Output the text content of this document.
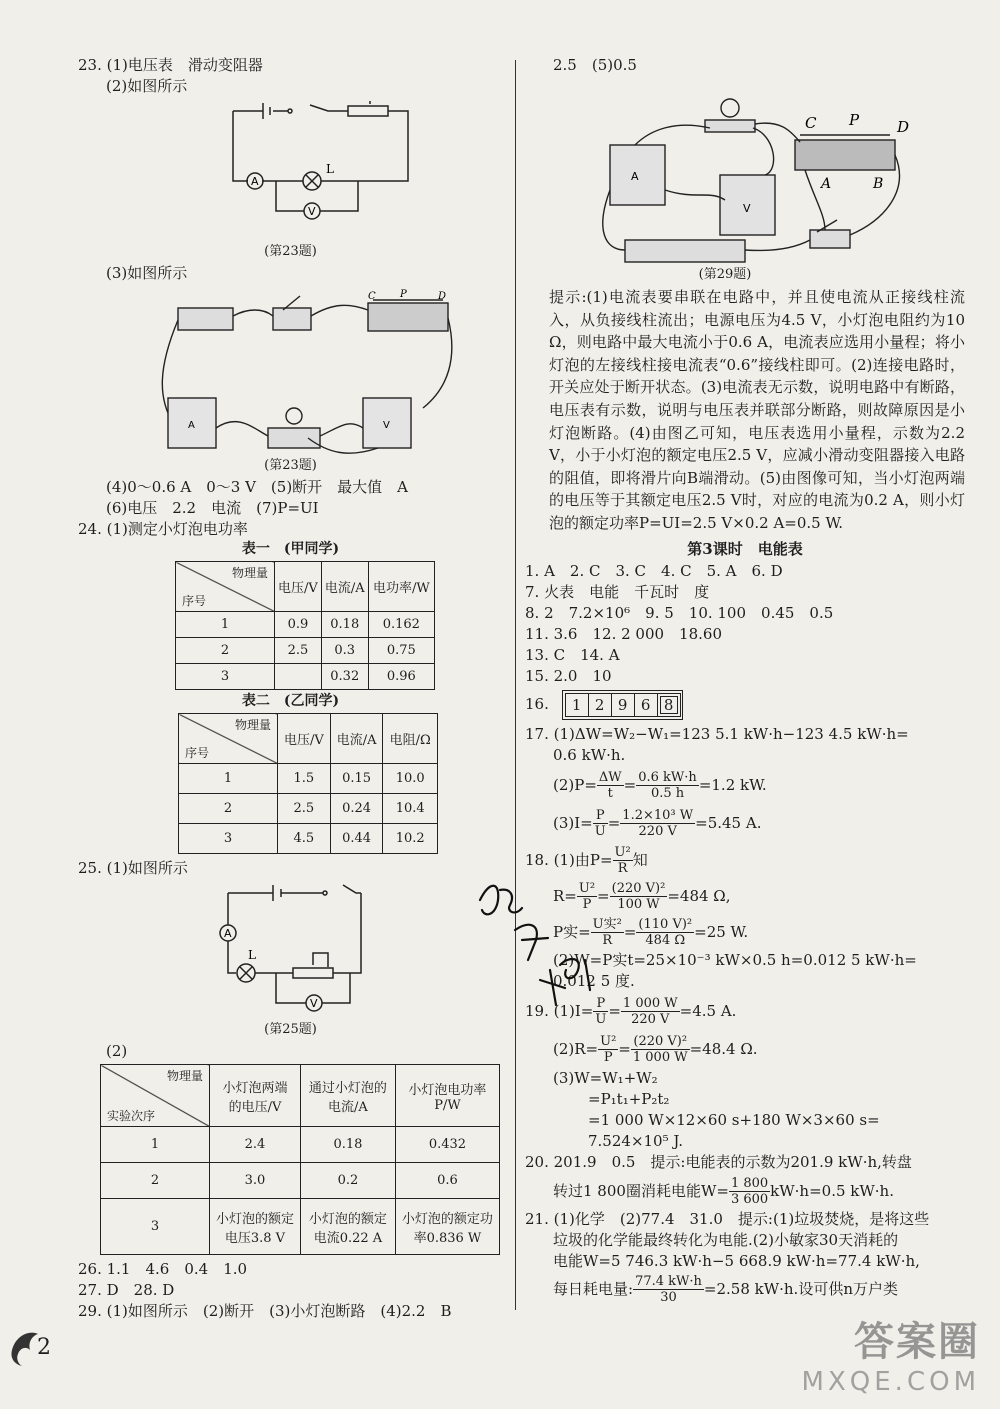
23. (1)电压表　滑动变阻器
(2)如图所示
A
V
L
(第23题)
(3)如图所示
A	V
C P	D
(第23题)
(4)0～0.6 A　0～3 V　(5)断开　最大值　A
(6)电压　2.2　电流　(7)P=UI
24. (1)测定小灯泡电功率
表一　(甲同学)
物理量
序号	电压/V	电流/A	电功率/W
1	0.9	0.18	0.162
2	2.5	0.3	0.75
3		0.32	0.96
表二　(乙同学)
物理量
序号	电压/V	电流/A	电阻/Ω
1	1.5	0.15	10.0
2	2.5	0.24	10.4
3	4.5	0.44	10.2
25. (1)如图所示
A
V
L
(第25题)
(2)
物理量
实验次序	小灯泡两端的电压/V	通过小灯泡的电流/A	小灯泡电功率P/W
1	2.4	0.18	0.432
2	3.0	0.2	0.6
3	小灯泡的额定电压3.8 V	小灯泡的额定电流0.22 A	小灯泡的额定功率0.836 W
26. 1.1　4.6　0.4　1.0
27. D　28. D
29. (1)如图所示　(2)断开　(3)小灯泡断路　(4)2.2　B
2.5　(5)0.5
A
V
C P	D
A	B
(第29题)
提示:(1)电流表要串联在电路中，并且使电流从正接线柱流入，从负接线柱流出；电源电压为4.5 V，小灯泡电阻约为10 Ω，则电路中最大电流小于0.6 A，电流表应选用小量程；将小灯泡的左接线柱接电流表“0.6”接线柱即可。(2)连接电路时，开关应处于断开状态。(3)电流表无示数，说明电路中有断路，电压表有示数，说明与电压表并联部分断路，则故障原因是小灯泡断路。(4)由图乙可知，电压表选用小量程，示数为2.2 V，小于小灯泡的额定电压2.5 V，应减小滑动变阻器接入电路的阻值，即将滑片向B端滑动。(5)由图像可知，当小灯泡两端的电压等于其额定电压2.5 V时，对应的电流为0.2 A，则小灯泡的额定功率P=UI=2.5 V×0.2 A=0.5 W.
第3课时　电能表
1. A　2. C　3. C　4. C　5. A　6. D
7. 火表　电能　千瓦时　度
8. 2　7.2×10⁶　9. 5　10. 100　0.45　0.5
11. 3.6　12. 2 000　18.60
13. C　14. A
15. 2.0　10
16. 1 2 9 6 8
17. (1)ΔW=W₂−W₁=123 5.1 kW·h−123 4.5 kW·h=
0.6 kW·h.
$(2)P= \frac{\Delta W}{t} = \frac{0.6 kW\cdot h}{0.5 h} =1.2$ kW.
$(3)I= \frac{P}{U} = \frac{\text{1.2×10³ W}}{220 V} =5.45$ A.
18. (1)由$P= \frac{\text{U²}}{R}$ 知
$R= \frac{\text{U²}}{P} = \frac{\text{(220 V)²}}{100 W} =484$ Ω,
P实= $\frac{\text{U实²}}{R} = \frac{\text{(110 V)²}}{484 \Omega} =25$ W.
(2)W=P实t=25×10⁻³ kW×0.5 h=0.012 5 kW·h=
0.012 5 度.
19. $(1)I= \frac{P}{U} = \frac{1 000 W}{220 V} =4.5$ A.
$(2)R= \frac{\text{U²}}{P} = \frac{\text{(220 V)²}}{1 000 W} =48.4$ Ω.
(3)W=W₁+W₂
=P₁t₁+P₂t₂
=1 000 W×12×60 s+180 W×3×60 s=
7.524×10⁵ J.
20. 201.9　0.5　提示:电能表的示数为201.9 kW·h,转盘
转过1 800圈消耗电能$W= \frac{1 800}{3 600} kW\cdot h=0.5$ kW·h.
21. (1)化学　(2)77.4　31.0　提示:(1)垃圾焚烧，是将这些
垃圾的化学能最终转化为电能.(2)小敏家30天消耗的
电能W=5 746.3 kW·h−5 668.9 kW·h=77.4 kW·h,
每日耗电量: $\frac{77.4 kW\cdot h}{30} =2.58$ kW·h.设可供n万户类
2	答案圈
MXQE.COM
